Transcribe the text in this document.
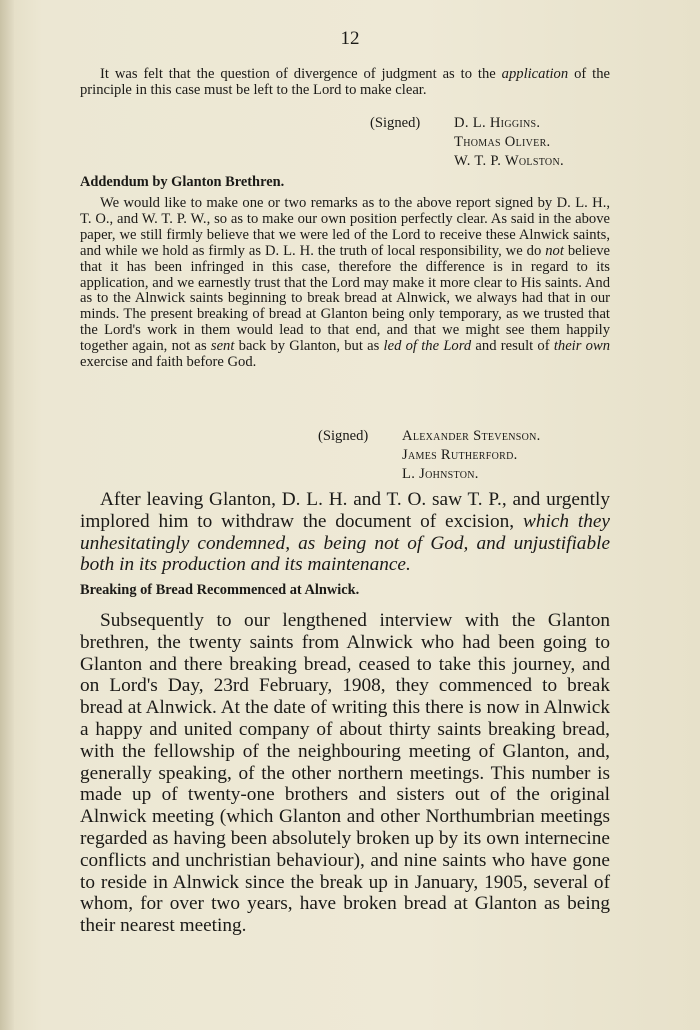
12
It was felt that the question of divergence of judgment as to the application of the principle in this case must be left to the Lord to make clear.
(Signed) D. L. Higgins.
Thomas Oliver.
W. T. P. Wolston.
Addendum by Glanton Brethren.
We would like to make one or two remarks as to the above report signed by D. L. H., T. O., and W. T. P. W., so as to make our own position perfectly clear. As said in the above paper, we still firmly believe that we were led of the Lord to receive these Alnwick saints, and while we hold as firmly as D. L. H. the truth of local responsibility, we do not believe that it has been infringed in this case, therefore the difference is in regard to its application, and we earnestly trust that the Lord may make it more clear to His saints. And as to the Alnwick saints beginning to break bread at Alnwick, we always had that in our minds. The present breaking of bread at Glanton being only temporary, as we trusted that the Lord's work in them would lead to that end, and that we might see them happily together again, not as sent back by Glanton, but as led of the Lord and result of their own exercise and faith before God.
(Signed) Alexander Stevenson.
James Rutherford.
L. Johnston.
After leaving Glanton, D. L. H. and T. O. saw T. P., and urgently implored him to withdraw the document of excision, which they unhesitatingly condemned, as being not of God, and unjustifiable both in its production and its maintenance.
Breaking of Bread Recommenced at Alnwick.
Subsequently to our lengthened interview with the Glanton brethren, the twenty saints from Alnwick who had been going to Glanton and there breaking bread, ceased to take this journey, and on Lord's Day, 23rd February, 1908, they commenced to break bread at Alnwick. At the date of writing this there is now in Alnwick a happy and united company of about thirty saints breaking bread, with the fellowship of the neighbouring meeting of Glanton, and, generally speaking, of the other northern meetings. This number is made up of twenty-one brothers and sisters out of the original Alnwick meeting (which Glanton and other Northumbrian meetings regarded as having been absolutely broken up by its own internecine conflicts and unchristian behaviour), and nine saints who have gone to reside in Alnwick since the break up in January, 1905, several of whom, for over two years, have broken bread at Glanton as being their nearest meeting.
